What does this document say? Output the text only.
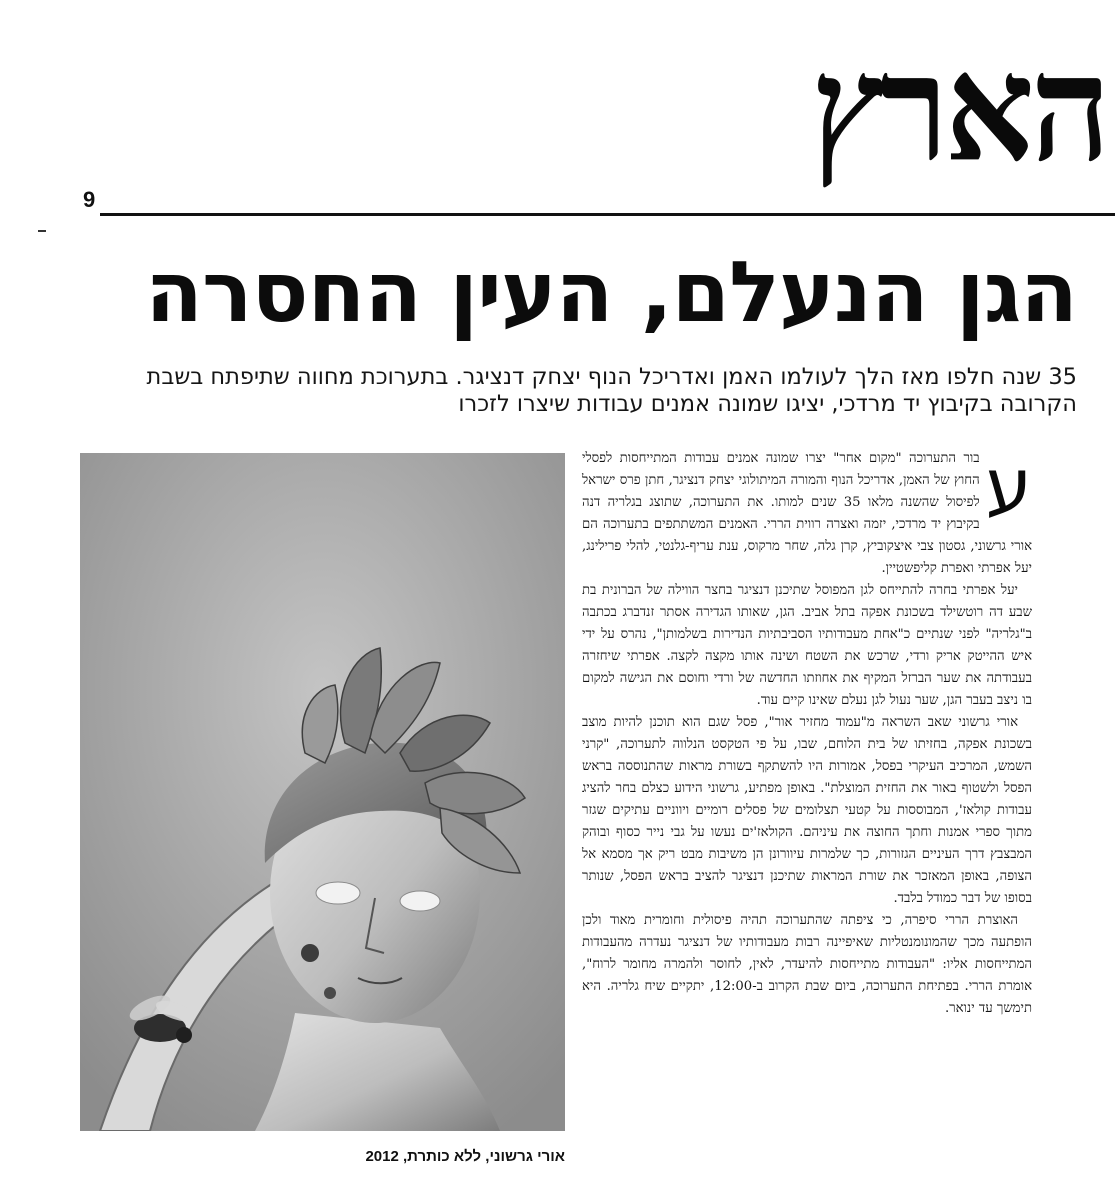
הארץ
9
הגן הנעלם, העין החסרה
35 שנה חלפו מאז הלך לעולמו האמן ואדריכל הנוף יצחק דנציגר. בתערוכת מחווה שתיפתח בשבת הקרובה בקיבוץ יד מרדכי, יציגו שמונה אמנים עבודות שיצרו לזכרו
ע

בור התערוכה "מקום אחר" יצרו שמונה אמנים עבודות המתייחסות לפסלי החוץ של האמן, אדריכל הנוף והמורה המיתולוגי יצחק דנציגר, חתן פרס ישראל לפיסול שהשנה מלאו 35 שנים למותו. את התערוכה, שתוצג בגלריה דנה בקיבוץ יד מרדכי, יזמה ואצרה רווית הררי. האמנים המשתתפים בתערוכה הם אורי גרשוני, גסטון צבי איצקוביץ, קרן גלה, שחר מרקוס, ענת עריף-גלנטי, להלי פרילינג, יעל אפרתי ואפרת קליפשטיין.

יעל אפרתי בחרה להתייחס לגן המפוסל שתיכנן דנציגר בחצר הווילה של הברונית בת שבע דה רוטשילד בשכונת אפקה בתל אביב. הגן, שאותו הגדירה אסתר זנדברג בכתבה ב"גלריה" לפני שנתיים כ"אחת מעבודותיו הסביבתיות הנדירות בשלמותן", נהרס על ידי איש ההייטק אריק ורדי, שרכש את השטח ושינה אותו מקצה לקצה. אפרתי שיחזרה בעבודתה את שער הברזל המקיף את אחוזתו החדשה של ורדי וחוסם את הגישה למקום בו ניצב בעבר הגן, שער נעול לגן נעלם שאינו קיים עוד.

אורי גרשוני שאב השראה מ"עמוד מחזיר אור", פסל שגם הוא תוכנן להיות מוצב בשכונת אפקה, בחזיתו של בית הלוחם, שבו, על פי הטקסט הנלווה לתערוכה, "קרני השמש, המרכיב העיקרי בפסל, אמורות היו להשתקף בשורת מראות שהתנוססה בראש הפסל ולשטוף באור את החזית המוצלת". באופן מפתיע, גרשוני הידוע כצלם בחר להציג עבודות קולאז', המבוססות על קטעי תצלומים של פסלים רומיים ויווניים עתיקים שגזר מתוך ספרי אמנות וחתך החוצה את עיניהם. הקולאז'ים נעשו על גבי נייר כסוף ובוהק המבצבץ דרך העיניים הגזורות, כך שלמרות עיוורונן הן משיבות מבט ריק אך מסמא אל הצופה, באופן המאזכר את שורת המראות שתיכנן דנציגר להציב בראש הפסל, שנותר בסופו של דבר כמודל בלבד.

האוצרת הררי סיפרה, כי ציפתה שהתערוכה תהיה פיסולית וחומרית מאוד ולכן הופתעה מכך שהמונומנטליות שאיפיינה רבות מעבודותיו של דנציגר נעדרה מהעבודות המתייחסות אליו: "העבודות מתייחסות להיעדר, לאין, לחוסר ולהמרה מחומר לרוח", אומרת הררי. בפתיחת התערוכה, ביום שבת הקרוב ב-12:00, יתקיים שיח גלריה. היא תימשך עד ינואר.

אורי גרשוני, ללא כותרת, 2012
